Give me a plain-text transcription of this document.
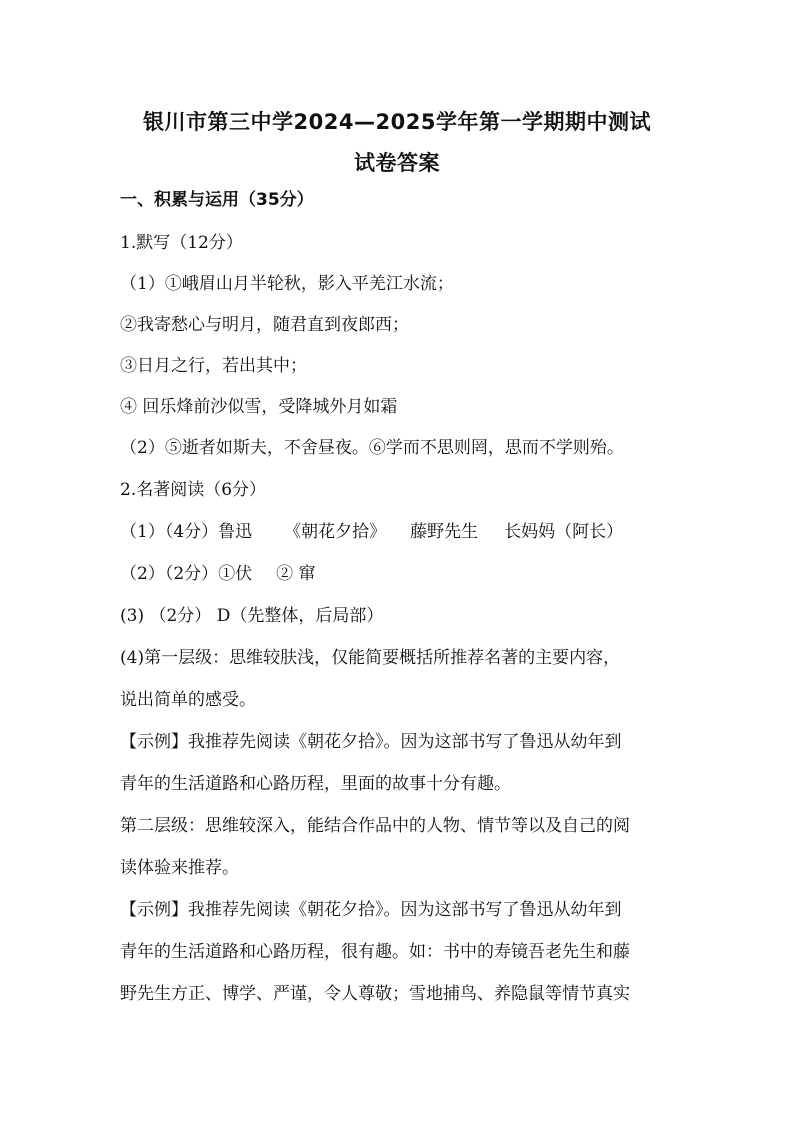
银川市第三中学2024—2025学年第一学期期中测试
试卷答案
一、积累与运用（35分）
1.默写（12分）
（1）①峨眉山月半轮秋，影入平羌江水流；
②我寄愁心与明月，随君直到夜郎西；
③日月之行，若出其中；
④ 回乐烽前沙似雪，受降城外月如霜
（2）⑤逝者如斯夫，不舍昼夜。⑥学而不思则罔，思而不学则殆。
2.名著阅读（6分）
（1）（4分）鲁迅 《朝花夕拾》 藤野先生 长妈妈（阿长）
（2）（2分）①伏 ② 窜
(3) （2分） D（先整体，后局部）
(4)第一层级：思维较肤浅，仅能简要概括所推荐名著的主要内容，
说出简单的感受。
【示例】我推荐先阅读《朝花夕拾》。因为这部书写了鲁迅从幼年到
青年的生活道路和心路历程，里面的故事十分有趣。
第二层级：思维较深入，能结合作品中的人物、情节等以及自己的阅
读体验来推荐。
【示例】我推荐先阅读《朝花夕拾》。因为这部书写了鲁迅从幼年到
青年的生活道路和心路历程，很有趣。如：书中的寿镜吾老先生和藤
野先生方正、博学、严谨，令人尊敬；雪地捕鸟、养隐鼠等情节真实
